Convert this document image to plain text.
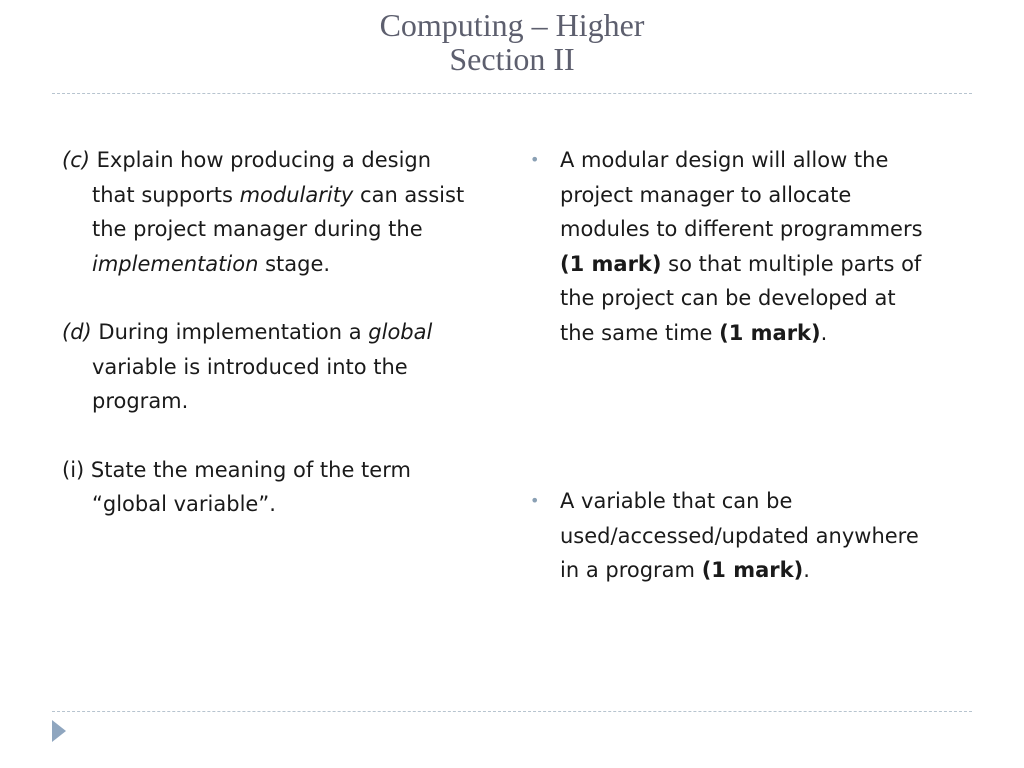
Computing – Higher
Section II

(c) Explain how producing a design
that supports modularity can assist
the project manager during the
implementation stage.

(d) During implementation a global
variable is introduced into the
program.

(i) State the meaning of the term
“global variable”.

• A modular design will allow the
project manager to allocate
modules to different programmers
(1 mark) so that multiple parts of
the project can be developed at
the same time (1 mark).
• A variable that can be
used/accessed/updated anywhere
in a program (1 mark).
